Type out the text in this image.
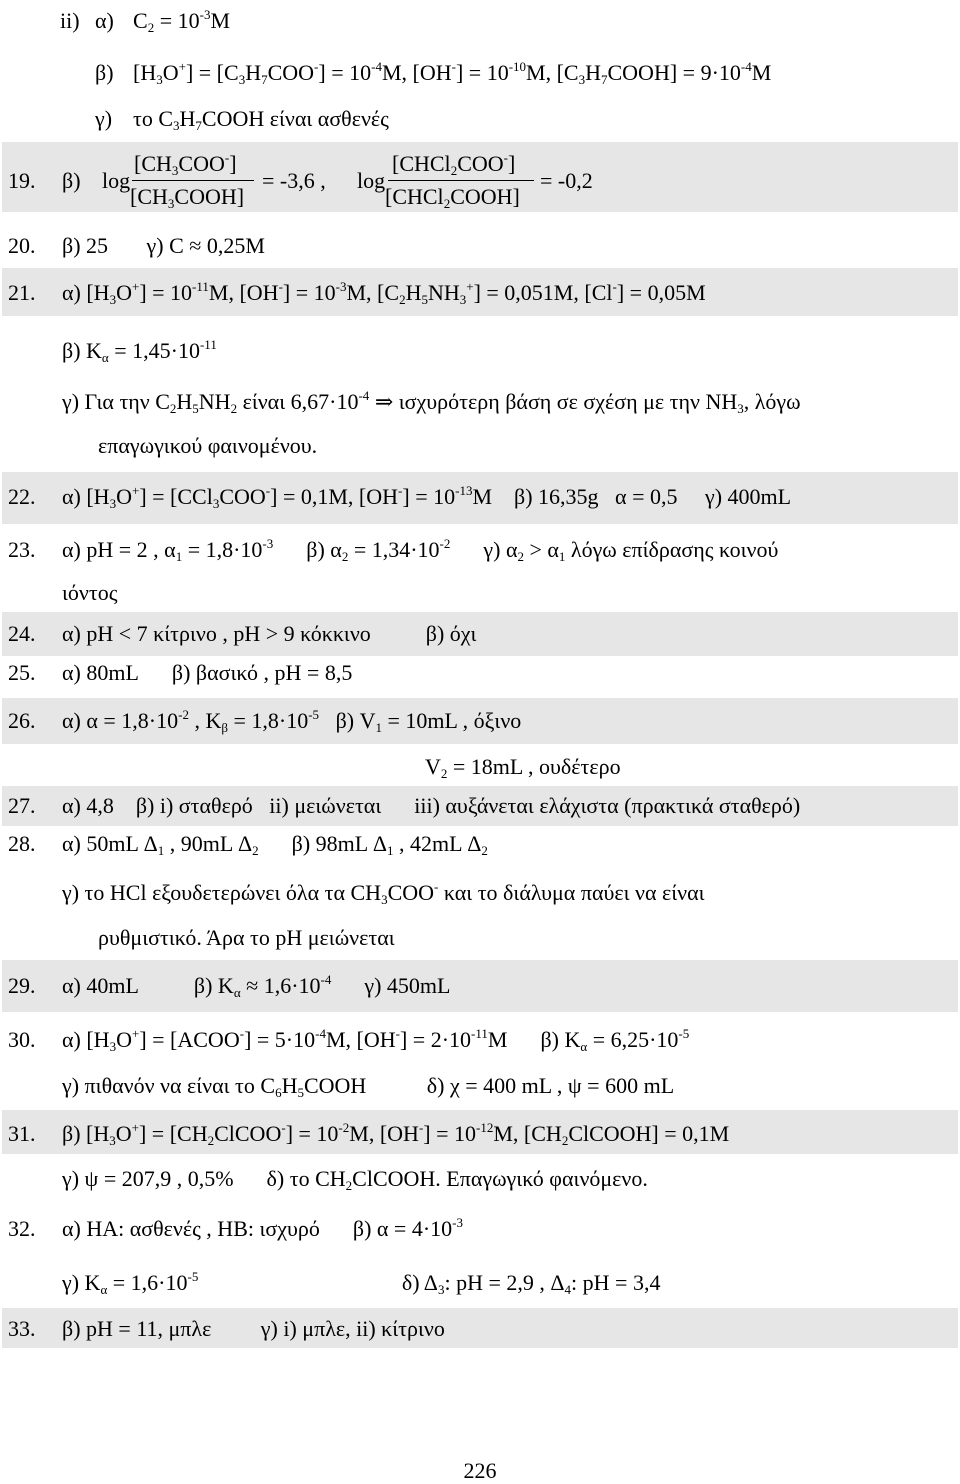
ii) α) $C_2 = 10^{-3}M$
β) $[H_3O^+] = [C_3H_7COO^-] = 10^{-4}M$, $[OH^-] = 10^{-10}M$, $[C_3H_7COOH] = 9\cdot 10^{-4}M$
γ) το $C_3H_7COOH$ είναι ασθενές
19. β) log
$[CH_3COO^-]$
$[CH_3COOH]$
= -3,6 , log
[CHCl$_2$COO-]
[CHCl$_2$COOH]
= -0,2
20. β) 25       γ) C ≈ 0,25M
21. α) $[H_3O^+] = 10^{-11}M$, $[OH^-] = 10^{-3}M$, $[C_2H_5NH_3^+] = 0,051M$, [Cl-] = 0,05M
β) $K_\alpha = 1,45\cdot 10^{-11}$
γ) Για την $C_2H_5NH_2$ είναι $6,67\cdot 10^{-4}$ ⇒ ισχυρότερη βάση σε σχέση με την $NH_3$, λόγω
επαγωγικού φαινομένου.
22. α) $[H_3O^+] = [CCl_3COO^-] = 0,1M$, $[OH^-] = 10^{-13}M$    β) 16,35g   α = 0,5     γ) 400mL
23. α) pH = 2 , $\alpha_1 = 1,8\cdot 10^{-3}$      β) $\alpha_2 = 1,34\cdot 10^{-2}$      γ) $\alpha_2 > \alpha_1$ λόγω επίδρασης κοινού
ιόντος
24. α) pH < 7 κίτρινο , pH > 9 κόκκινο          β) όχι
25. α) 80mL      β) βασικό , pH = 8,5
26. α) $\alpha = 1,8\cdot 10^{-2}$ , $K_\beta = 1,8\cdot 10^{-5}$   β) $V_1 = 10mL$ , όξινο
$V_2 = 18mL$ , ουδέτερο
27. α) 4,8    β) i) σταθερό   ii) μειώνεται      iii) αυξάνεται ελάχιστα (πρακτικά σταθερό)
28. α) 50mL $\Delta_1$ , 90mL $\Delta_2$      β) 98mL $\Delta_1$ , 42mL $\Delta_2$
γ) το HCl εξουδετερώνει όλα τα $CH_3COO^-$ και το διάλυμα παύει να είναι
ρυθμιστικό. Άρα το pH μειώνεται
29. α) 40mL          β) $K_\alpha \approx 1,6\cdot 10^{-4}$      γ) 450mL
30. α) $[H_3O^+]$ = [ACOO-] = $5\cdot 10^{-4}M$, $[OH^-] = 2\cdot 10^{-11}M$      β) $K_\alpha = 6,25\cdot 10^{-5}$
γ) πιθανόν να είναι το $C_6H_5COOH$           δ) χ = 400 mL , ψ = 600 mL
31. β) $[H_3O^+]$ = $[CH_2ClCOO^-] = 10^{-2}M$, $[OH^-] = 10^{-12}M$, $[CH_2ClCOOH] = 0,1M$
γ) ψ = 207,9 , 0,5%      δ) το $CH_2ClCOOH$. Επαγωγικό φαινόμενο.
32. α) HA: ασθενές , HB: ισχυρό      β) $\alpha = 4\cdot 10^{-3}$
γ) $K_\alpha = 1,6\cdot 10^{-5}$                                     δ) $\Delta_3$: pH = 2,9 , $\Delta_4$: pH = 3,4
33. β) pH = 11, μπλε         γ) i) μπλε, ii) κίτρινο
226
